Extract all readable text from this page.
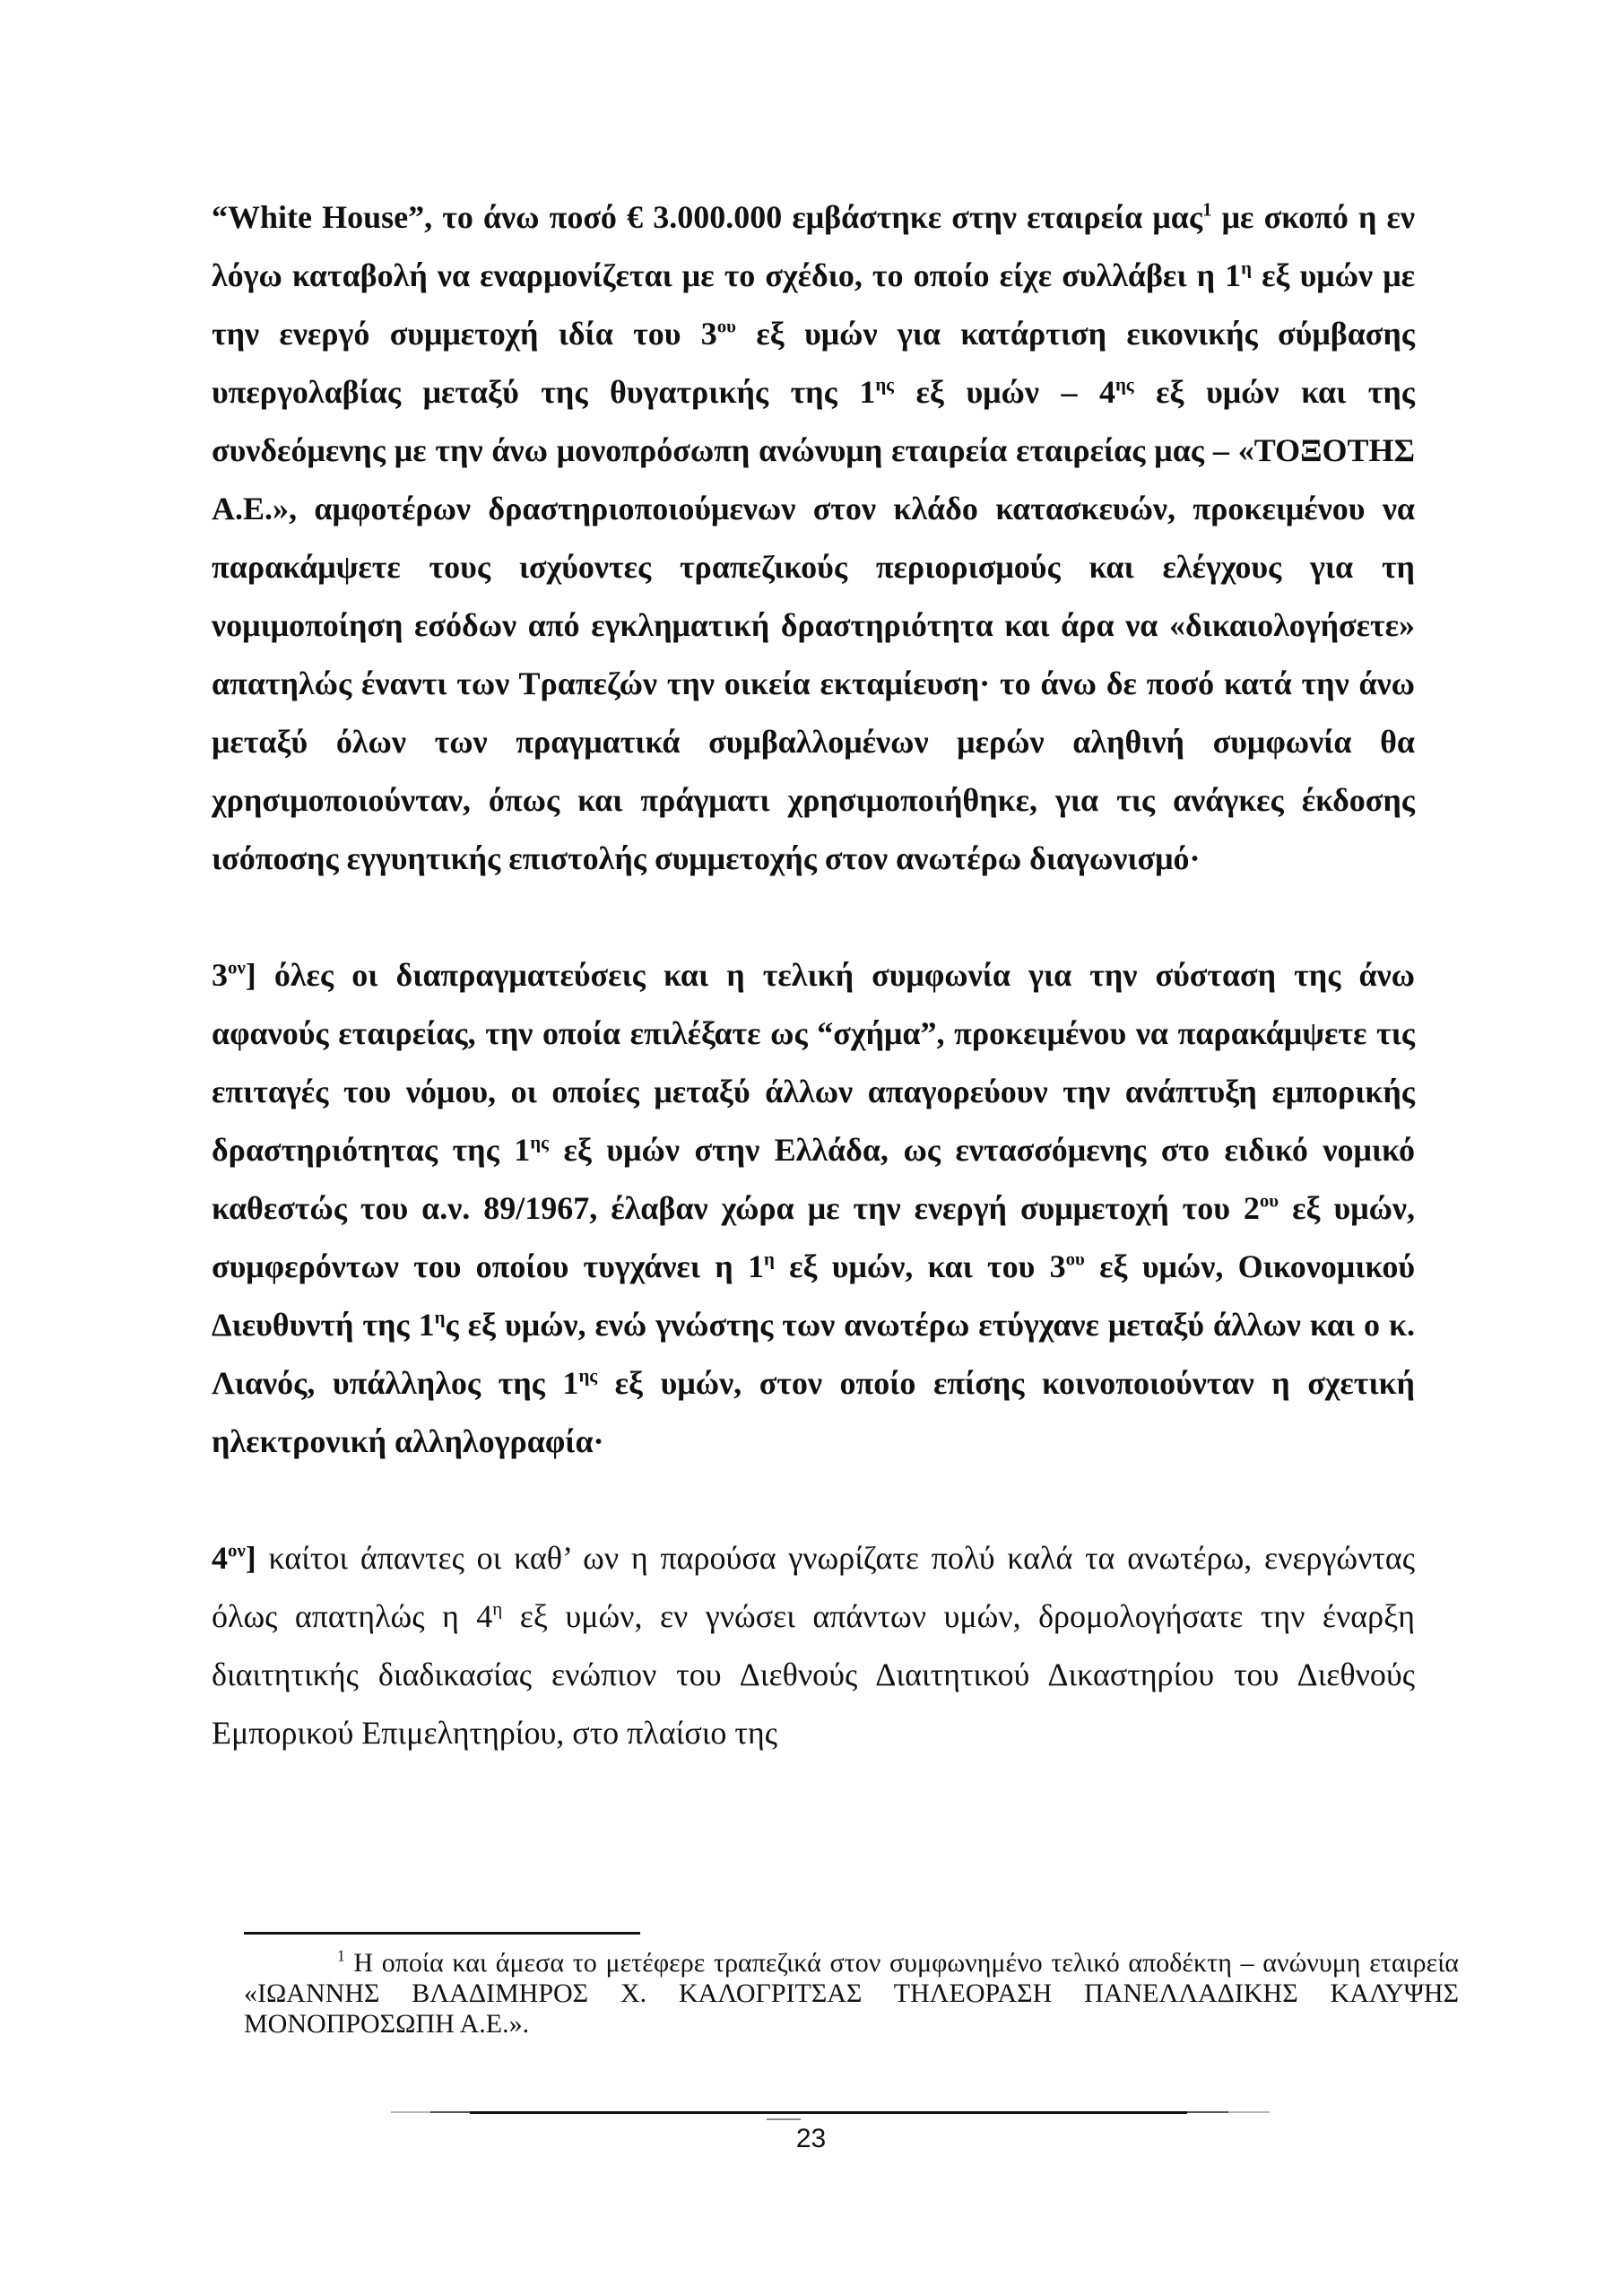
“White House”, το άνω ποσό € 3.000.000 εμβάστηκε στην εταιρεία μας$^1$ με σκοπό η εν λόγω καταβολή να εναρμονίζεται με το σχέδιο, το οποίο είχε συλλάβει η $1^\eta$ εξ υμών με την ενεργό συμμετοχή ιδία του $3^{o\upsilon}$ εξ υμών για κατάρτιση εικονικής σύμβασης υπεργολαβίας μεταξύ της θυγατρικής της $1^{\eta\varsigma}$ εξ υμών – $4^{\eta\varsigma}$ εξ υμών και της συνδεόμενης με την άνω μονοπρόσωπη ανώνυμη εταιρεία εταιρείας μας – «ΤΟΞΟΤΗΣ Α.Ε.», αμφοτέρων δραστηριοποιούμενων στον κλάδο κατασκευών, προκειμένου να παρακάμψετε τους ισχύοντες τραπεζικούς περιορισμούς και ελέγχους για τη νομιμοποίηση εσόδων από εγκληματική δραστηριότητα και άρα να «δικαιολογήσετε» απατηλώς έναντι των Τραπεζών την οικεία εκταμίευση· το άνω δε ποσό κατά την άνω μεταξύ όλων των πραγματικά συμβαλλομένων μερών αληθινή συμφωνία θα χρησιμοποιούνταν, όπως και πράγματι χρησιμοποιήθηκε, για τις ανάγκες έκδοσης ισόποσης εγγυητικής επιστολής συμμετοχής στον ανωτέρω διαγωνισμό·

$3^{o\nu}$] όλες οι διαπραγματεύσεις και η τελική συμφωνία για την σύσταση της άνω αφανούς εταιρείας, την οποία επιλέξατε ως “σχήμα”, προκειμένου να παρακάμψετε τις επιταγές του νόμου, οι οποίες μεταξύ άλλων απαγορεύουν την ανάπτυξη εμπορικής δραστηριότητας της $1^{\eta\varsigma}$ εξ υμών στην Ελλάδα, ως εντασσόμενης στο ειδικό νομικό καθεστώς του α.ν. 89/1967, έλαβαν χώρα με την ενεργή συμμετοχή του $2^{o\upsilon}$ εξ υμών, συμφερόντων του οποίου τυγχάνει η $1^\eta$ εξ υμών, και του $3^{o\upsilon}$ εξ υμών, Οικονομικού Διευθυντή της $1^\eta\varsigma$ εξ υμών, ενώ γνώστης των ανωτέρω ετύγχανε μεταξύ άλλων και ο κ. Λιανός, υπάλληλος της $1^{\eta\varsigma}$ εξ υμών, στον οποίο επίσης κοινοποιούνταν η σχετική ηλεκτρονική αλληλογραφία·

$4^{o\nu}$] καίτοι άπαντες οι καθ’ ων η παρούσα γνωρίζατε πολύ καλά τα ανωτέρω, ενεργώντας όλως απατηλώς η $4^\eta$ εξ υμών, εν γνώσει απάντων υμών, δρομολογήσατε την έναρξη διαιτητικής διαδικασίας ενώπιον του Διεθνούς Διαιτητικού Δικαστηρίου του Διεθνούς Εμπορικού Επιμελητηρίου, στο πλαίσιο της

$^1$ Η οποία και άμεσα το μετέφερε τραπεζικά στον συμφωνημένο τελικό αποδέκτη – ανώνυμη εταιρεία «ΙΩΑΝΝΗΣ ΒΛΑΔΙΜΗΡΟΣ Χ. ΚΑΛΟΓΡΙΤΣΑΣ ΤΗΛΕΟΡΑΣΗ ΠΑΝΕΛΛΑΔΙΚΗΣ ΚΑΛΥΨΗΣ ΜΟΝΟΠΡΟΣΩΠΗ Α.Ε.».
23
